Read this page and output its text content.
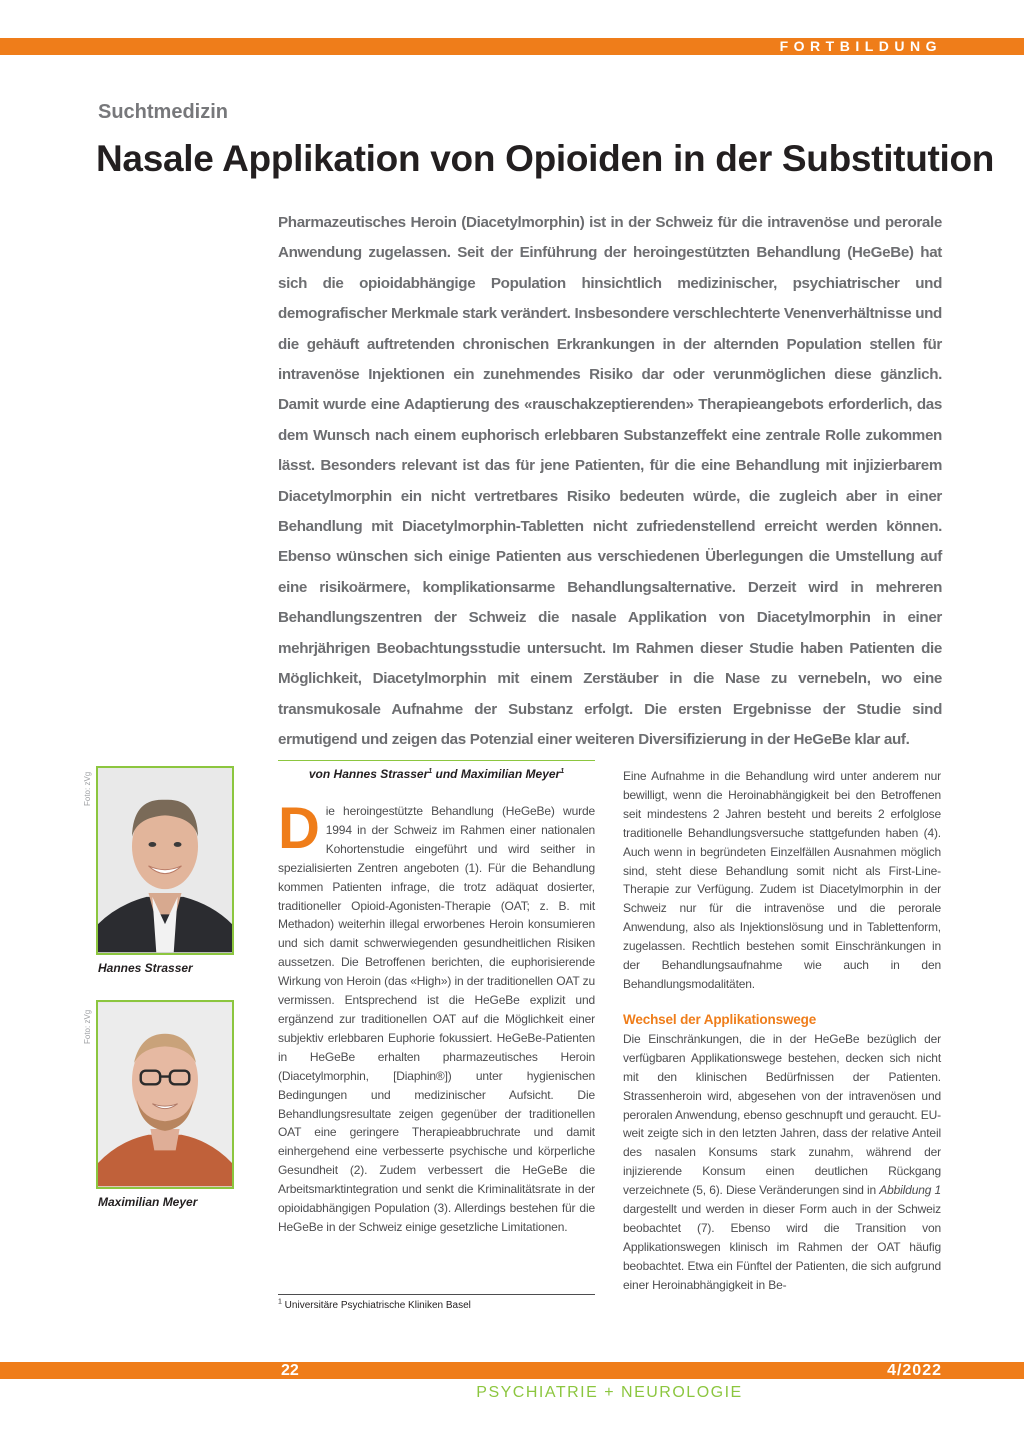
FORTBILDUNG
Suchtmedizin
Nasale Applikation von Opioiden in der Substitution

Pharmazeutisches Heroin (Diacetylmorphin) ist in der Schweiz für die intravenöse und perorale Anwendung zugelassen. Seit der Einführung der heroingestützten Behandlung (HeGeBe) hat sich die opioidabhängige Population hinsichtlich medizinischer, psychiatrischer und demografischer Merkmale stark verändert. Insbesondere verschlechterte Venenverhältnisse und die gehäuft auftretenden chronischen Erkrankungen in der alternden Population stellen für intravenöse Injektionen ein zunehmendes Risiko dar oder verunmöglichen diese gänzlich. Damit wurde eine Adaptierung des «rauschakzeptierenden» Therapieangebots erforderlich, das dem Wunsch nach einem euphorisch erlebbaren Substanzeffekt eine zentrale Rolle zukommen lässt. Besonders relevant ist das für jene Patienten, für die eine Behandlung mit injizierbarem Diacetylmorphin ein nicht vertretbares Risiko bedeuten würde, die zugleich aber in einer Behandlung mit Diacetylmorphin-Tabletten nicht zufriedenstellend erreicht werden können. Ebenso wünschen sich einige Patienten aus verschiedenen Überlegungen die Umstellung auf eine risikoärmere, komplikationsarme Behandlungsalternative. Derzeit wird in mehreren Behandlungszentren der Schweiz die nasale Applikation von Diacetylmorphin in einer mehrjährigen Beobachtungsstudie untersucht. Im Rahmen dieser Studie haben Patienten die Möglichkeit, Diacetylmorphin mit einem Zerstäuber in die Nase zu vernebeln, wo eine transmukosale Aufnahme der Substanz erfolgt. Die ersten Ergebnisse der Studie sind ermutigend und zeigen das Potenzial einer weiteren Diversifizierung in der HeGeBe klar auf.

Foto: zVg
Hannes Strasser
Foto: zVg
Maximilian Meyer
von Hannes Strasser$^1$ und Maximilian Meyer$^1$
D ie heroingestützte Behandlung (HeGeBe) wurde 1994 in der Schweiz im Rahmen einer nationalen Kohortenstudie eingeführt und wird seither in spezialisierten Zentren angeboten (1). Für die Behandlung kommen Patienten infrage, die trotz adäquat dosierter, traditioneller Opioid-Agonisten-Therapie (OAT; z. B. mit Methadon) weiterhin illegal erworbenes Heroin konsumieren und sich damit schwerwiegenden gesundheitlichen Risiken aussetzen. Die Betroffenen berichten, die euphorisierende Wirkung von Heroin (das «High») in der traditionellen OAT zu vermissen. Entsprechend ist die HeGeBe explizit und ergänzend zur traditionellen OAT auf die Möglichkeit einer subjektiv erlebbaren Euphorie fokussiert. HeGeBe-Patienten in HeGeBe erhalten pharmazeutisches Heroin (Diacetylmorphin, [Diaphin®]) unter hygienischen Bedingungen und medizinischer Aufsicht. Die Behandlungsresultate zeigen gegenüber der traditionellen OAT eine geringere Therapieabbruchrate und damit einhergehend eine verbesserte psychische und körperliche Gesundheit (2). Zudem verbessert die HeGeBe die Arbeitsmarktintegration und senkt die Kriminalitätsrate in der opioidabhängigen Population (3). Allerdings bestehen für die HeGeBe in der Schweiz einige gesetzliche Limitationen.
$^1$ Universitäre Psychiatrische Kliniken Basel

Eine Aufnahme in die Behandlung wird unter anderem nur bewilligt, wenn die Heroinabhängigkeit bei den Betroffenen seit mindestens 2 Jahren besteht und bereits 2 erfolglose traditionelle Behandlungsversuche stattgefunden haben (4). Auch wenn in begründeten Einzelfällen Ausnahmen möglich sind, steht diese Behandlung somit nicht als First-Line-Therapie zur Verfügung. Zudem ist Diacetylmorphin in der Schweiz nur für die intravenöse und die perorale Anwendung, also als Injektionslösung und in Tablettenform, zugelassen. Rechtlich bestehen somit Einschränkungen in der Behandlungsaufnahme wie auch in den Behandlungsmodalitäten.

Wechsel der Applikationswege

Die Einschränkungen, die in der HeGeBe bezüglich der verfügbaren Applikationswege bestehen, decken sich nicht mit den klinischen Bedürfnissen der Patienten. Strassenheroin wird, abgesehen von der intravenösen und peroralen Anwendung, ebenso geschnupft und geraucht. EU-weit zeigte sich in den letzten Jahren, dass der relative Anteil des nasalen Konsums stark zunahm, während der injizierende Konsum einen deutlichen Rückgang verzeichnete (5, 6). Diese Veränderungen sind in Abbildung 1 dargestellt und werden in dieser Form auch in der Schweiz beobachtet (7). Ebenso wird die Transition von Applikationswegen klinisch im Rahmen der OAT häufig beobachtet. Etwa ein Fünftel der Patienten, die sich aufgrund einer Heroinabhängigkeit in Be-

22	4/2022
PSYCHIATRIE + NEUROLOGIE
